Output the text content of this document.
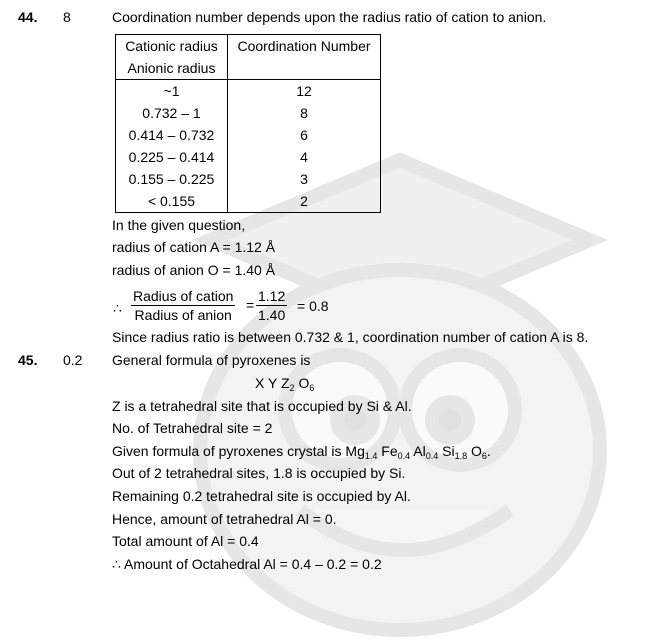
44. 8	Coordination number depends upon the radius ratio of cation to anion.
Cationic radius
Anionic radius	Coordination Number

~1	12
0.732 – 1	8
0.414 – 0.732	6
0.225 – 0.414	4
0.155 – 0.225	3
< 0.155	2
In the given question,
radius of cation A = 1.12 Å
radius of anion O = 1.40 Å
∴
Radius of cation
Radius of anion
= $\frac{1.12}{1.40} = 0.8$
Since radius ratio is between 0.732 & 1, coordination number of cation A is 8.
45. 0.2 General formula of pyroxenes is
X Y $Z_2$ $O_6$
Z is a tetrahedral site that is occupied by Si & Al.
No. of Tetrahedral site = 2
Given formula of pyroxenes crystal is $Mg_{1.4}$ $Fe_{0.4}$ $Al_{0.4}$ $Si_{1.8}$ $O_6$.
Out of 2 tetrahedral sites, 1.8 is occupied by Si.
Remaining 0.2 tetrahedral site is occupied by Al.
Hence, amount of tetrahedral Al = 0.
Total amount of Al = 0.4
∴ Amount of Octahedral Al = 0.4 – 0.2 = 0.2
